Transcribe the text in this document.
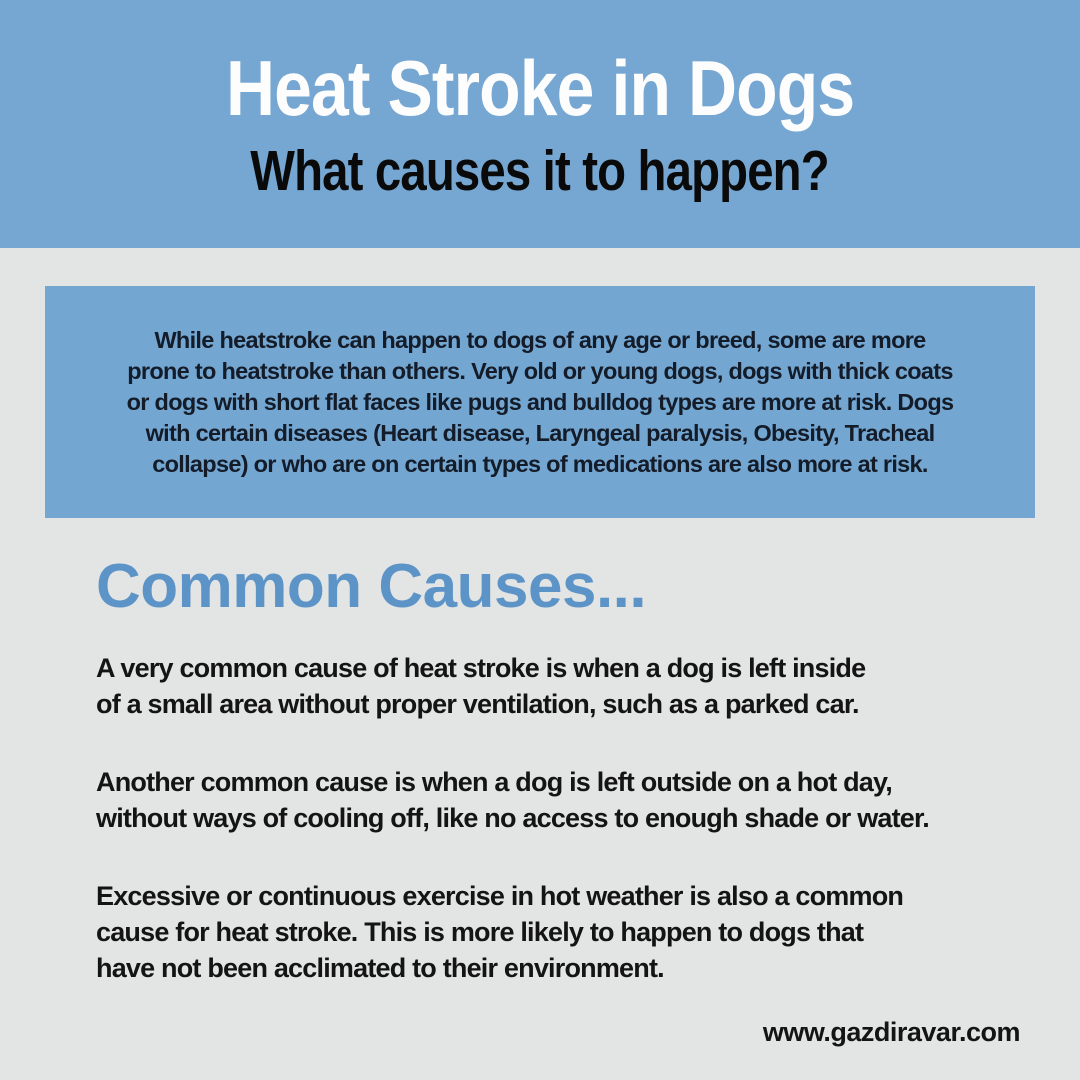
Heat Stroke in Dogs
What causes it to happen?
While heatstroke can happen to dogs of any age or breed, some are more
prone to heatstroke than others. Very old or young dogs, dogs with thick coats
or dogs with short flat faces like pugs and bulldog types are more at risk. Dogs
with certain diseases (Heart disease, Laryngeal paralysis, Obesity, Tracheal
collapse) or who are on certain types of medications are also more at risk.
Common Causes...
A very common cause of heat stroke is when a dog is left inside
of a small area without proper ventilation, such as a parked car.
Another common cause is when a dog is left outside on a hot day,
without ways of cooling off, like no access to enough shade or water.
Excessive or continuous exercise in hot weather is also a common
cause for heat stroke. This is more likely to happen to dogs that
have not been acclimated to their environment.
www.gazdiravar.com
